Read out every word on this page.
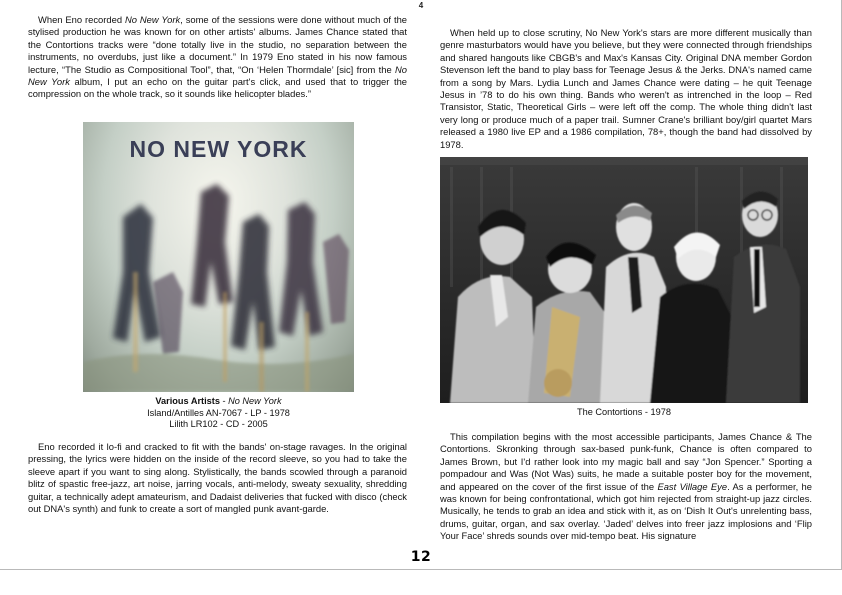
4

When Eno recorded No New York, some of the sessions were done without much of the stylised production he was known for on other artists' albums. James Chance stated that the Contortions tracks were “done totally live in the studio, no separation between the instruments, no overdubs, just like a document.” In 1979 Eno stated in his now famous lecture, “The Studio as Compositional Tool”, that, “On ‘Helen Thormdale’ [sic] from the No New York album, I put an echo on the guitar part's click, and used that to trigger the compression on the whole track, so it sounds like helicopter blades.”

NO NEW YORK
Various Artists - No New York
Island/Antilles AN-7067 - LP - 1978
Lilith LR102 - CD - 2005

Eno recorded it lo-fi and cracked to fit with the bands' on-stage ravages. In the original pressing, the lyrics were hidden on the inside of the record sleeve, so you had to take the sleeve apart if you want to sing along. Stylistically, the bands scowled through a paranoid blitz of spastic free-jazz, art noise, jarring vocals, anti-melody, sweaty sexuality, shredding guitar, a technically adept amateurism, and Dadaist deliveries that fucked with disco (check out DNA's synth) and funk to create a sort of mangled punk avant-garde.

When held up to close scrutiny, No New York's stars are more different musically than genre masturbators would have you believe, but they were connected through friendships and shared hangouts like CBGB's and Max's Kansas City. Original DNA member Gordon Stevenson left the band to play bass for Teenage Jesus & the Jerks. DNA's named came from a song by Mars. Lydia Lunch and James Chance were dating – he quit Teenage Jesus in ’78 to do his own thing. Bands who weren't as intrenched in the loop – Red Transistor, Static, Theoretical Girls – were left off the comp. The whole thing didn't last very long or produce much of a paper trail. Sumner Crane's brilliant boy/girl quartet Mars released a 1980 live EP and a 1986 compilation, 78+, though the band had dissolved by 1978.

The Contortions - 1978

This compilation begins with the most accessible participants, James Chance & The Contortions. Skronking through sax-based punk-funk, Chance is often compared to James Brown, but I'd rather look into my magic ball and say “Jon Spencer.” Sporting a pompadour and Was (Not Was) suits, he made a suitable poster boy for the movement, and appeared on the cover of the first issue of the East Village Eye. As a performer, he was known for being confrontational, which got him rejected from straight-up jazz circles. Musically, he tends to grab an idea and stick with it, as on ‘Dish It Out's unrelenting bass, drums, guitar, organ, and sax overlay. ‘Jaded’ delves into freer jazz implosions and ‘Flip Your Face’ shreds sounds over mid-tempo beat. His signature

12
